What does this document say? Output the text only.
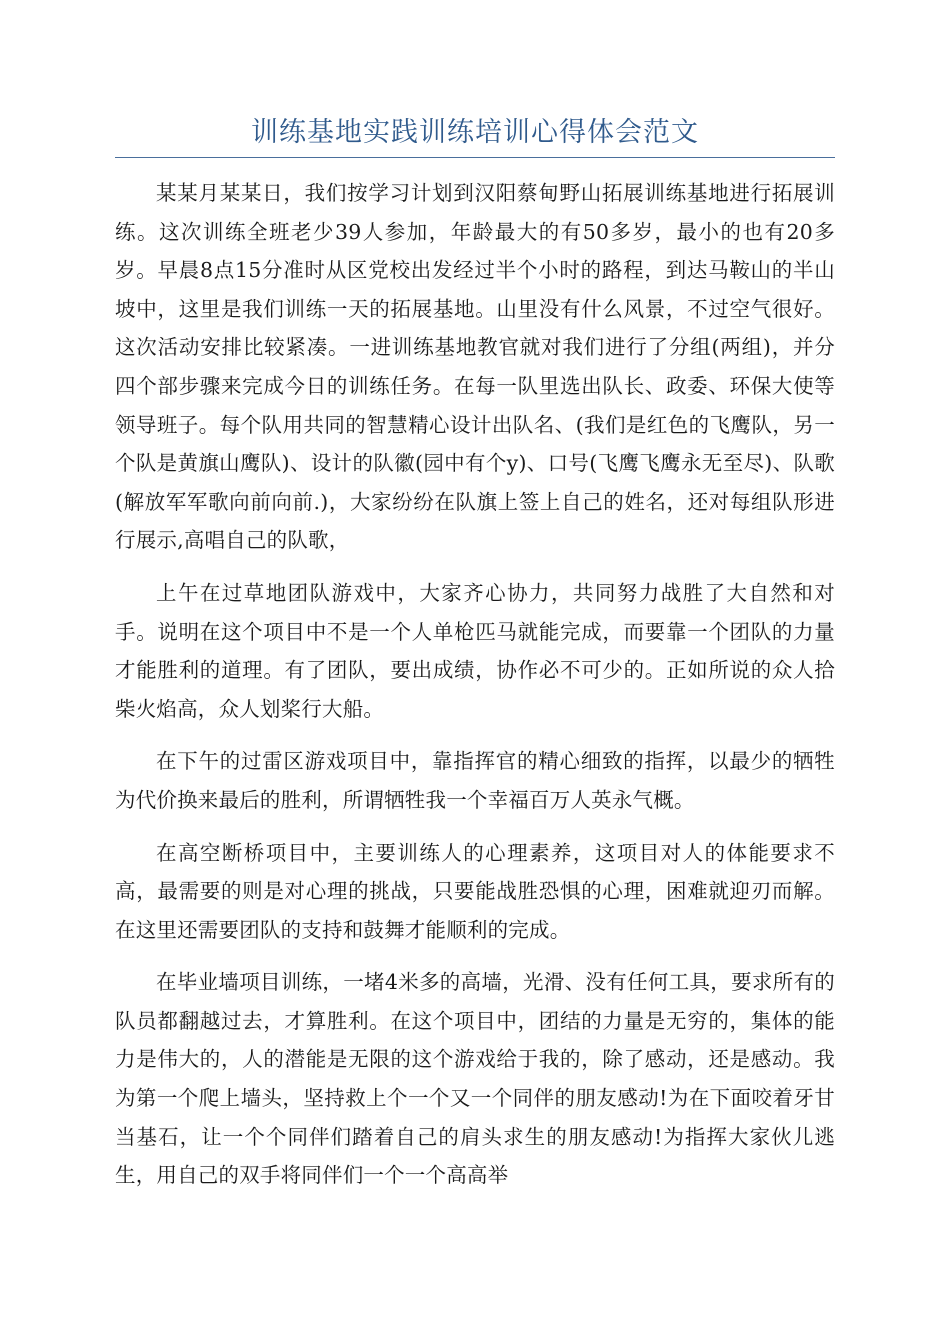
训练基地实践训练培训心得体会范文

某某月某某日，我们按学习计划到汉阳蔡甸野山拓展训练基地进行拓展训练。这次训练全班老少39人参加，年龄最大的有50多岁，最小的也有20多岁。早晨8点15分准时从区党校出发经过半个小时的路程，到达马鞍山的半山坡中，这里是我们训练一天的拓展基地。山里没有什么风景，不过空气很好。这次活动安排比较紧凑。一进训练基地教官就对我们进行了分组(两组)，并分四个部步骤来完成今日的训练任务。在每一队里选出队长、政委、环保大使等领导班子。每个队用共同的智慧精心设计出队名、(我们是红色的飞鹰队，另一个队是黄旗山鹰队)、设计的队徽(园中有个y)、口号(飞鹰飞鹰永无至尽)、队歌(解放军军歌向前向前.)，大家纷纷在队旗上签上自己的姓名，还对每组队形进行展示,高唱自己的队歌，

上午在过草地团队游戏中，大家齐心协力，共同努力战胜了大自然和对手。说明在这个项目中不是一个人单枪匹马就能完成，而要靠一个团队的力量才能胜利的道理。有了团队，要出成绩，协作必不可少的。正如所说的众人拾柴火焰高，众人划桨行大船。

在下午的过雷区游戏项目中，靠指挥官的精心细致的指挥，以最少的牺牲为代价换来最后的胜利，所谓牺牲我一个幸福百万人英永气概。

在高空断桥项目中，主要训练人的心理素养，这项目对人的体能要求不高，最需要的则是对心理的挑战，只要能战胜恐惧的心理，困难就迎刃而解。在这里还需要团队的支持和鼓舞才能顺利的完成。

在毕业墙项目训练，一堵4米多的高墙，光滑、没有任何工具，要求所有的队员都翻越过去，才算胜利。在这个项目中，团结的力量是无穷的，集体的能力是伟大的，人的潜能是无限的这个游戏给于我的，除了感动，还是感动。我为第一个爬上墙头，坚持救上个一个又一个同伴的朋友感动!为在下面咬着牙甘当基石，让一个个同伴们踏着自己的肩头求生的朋友感动!为指挥大家伙儿逃生，用自己的双手将同伴们一个一个高高举
